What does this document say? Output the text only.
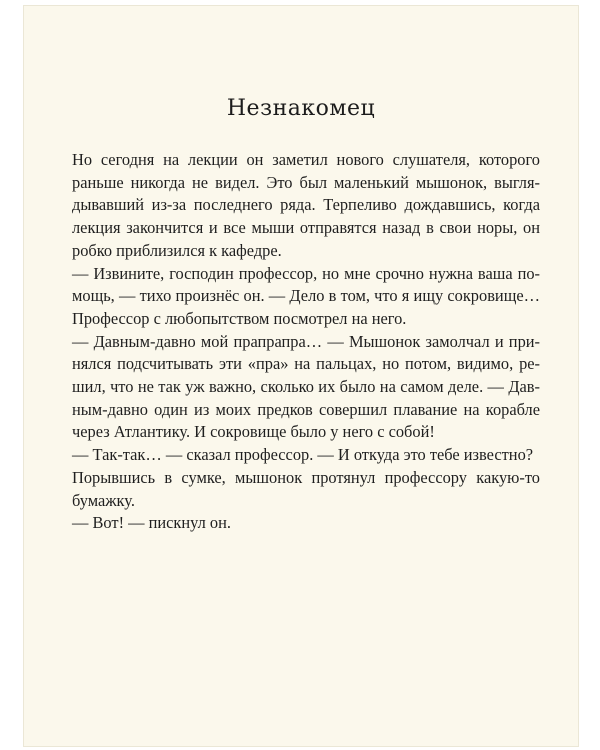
Незнакомец
Но сегодня на лекции он заметил нового слушателя, которого
раньше никогда не видел. Это был маленький мышонок, выгля-
дывавший из-за последнего ряда. Терпеливо дождавшись, когда
лекция закончится и все мыши отправятся назад в свои норы, он
робко приблизился к кафедре.
— Извините, господин профессор, но мне срочно нужна ваша по-
мощь, — тихо произнёс он. — Дело в том, что я ищу сокровище…
Профессор с любопытством посмотрел на него.
— Давным-давно мой прапрапра… — Мышонок замолчал и при-
нялся подсчитывать эти «пра» на пальцах, но потом, видимо, ре-
шил, что не так уж важно, сколько их было на самом деле. — Дав-
ным-давно один из моих предков совершил плавание на корабле
через Атлантику. И сокровище было у него с собой!
— Так-так… — сказал профессор. — И откуда это тебе известно?
Порывшись в сумке, мышонок протянул профессору какую-то
бумажку.
— Вот! — пискнул он.
